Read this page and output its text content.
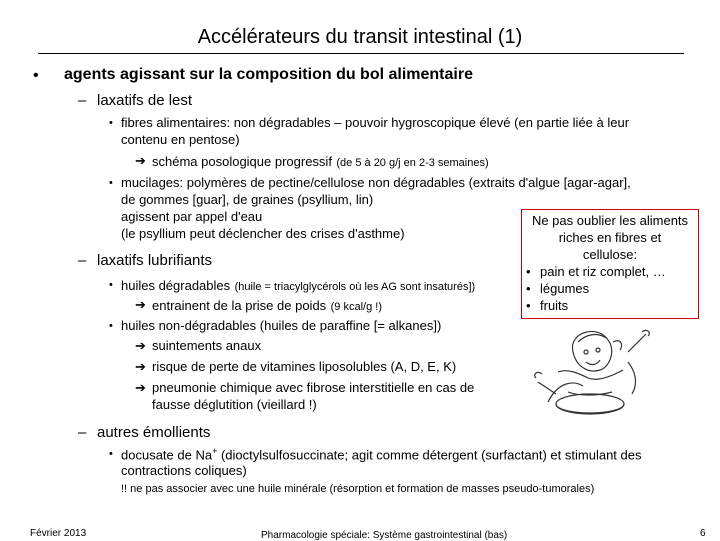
Accélérateurs du transit intestinal (1)
• agents agissant sur la composition du bol alimentaire
– laxatifs de lest
• fibres alimentaires: non dégradables – pouvoir hygroscopique élevé (en partie liée à leur
contenu en pentose)
➔ schéma posologique progressif (de 5 à 20 g/j en 2-3 semaines)
• mucilages: polymères de pectine/cellulose non dégradables (extraits d'algue [agar-agar],
de gommes [guar], de graines (psyllium, lin)
agissent par appel d'eau
(le psyllium peut déclencher des crises d'asthme)
Ne pas oublier les aliments
riches en fibres et
cellulose:
• pain et riz complet, …
• légumes
• fruits
– laxatifs lubrifiants
• huiles dégradables (huile = triacylglycérols où les AG sont insaturés])
➔ entrainent de la prise de poids (9 kcal/g !)
• huiles non-dégradables (huiles de paraffine [= alkanes])
➔ suintements anaux
➔ risque de perte de vitamines liposolubles (A, D, E, K)
➔ pneumonie chimique avec fibrose interstitielle en cas de
fausse déglutition (vieillard !)
– autres émollients
• docusate de Na+ (dioctylsulfosuccinate; agit comme détergent (surfactant) et stimulant des
contractions coliques)
!! ne pas associer avec une huile minérale (résorption et formation de masses pseudo-tumorales)
Février 2013	Pharmacologie spéciale: Système gastrointestinal (bas)	6
